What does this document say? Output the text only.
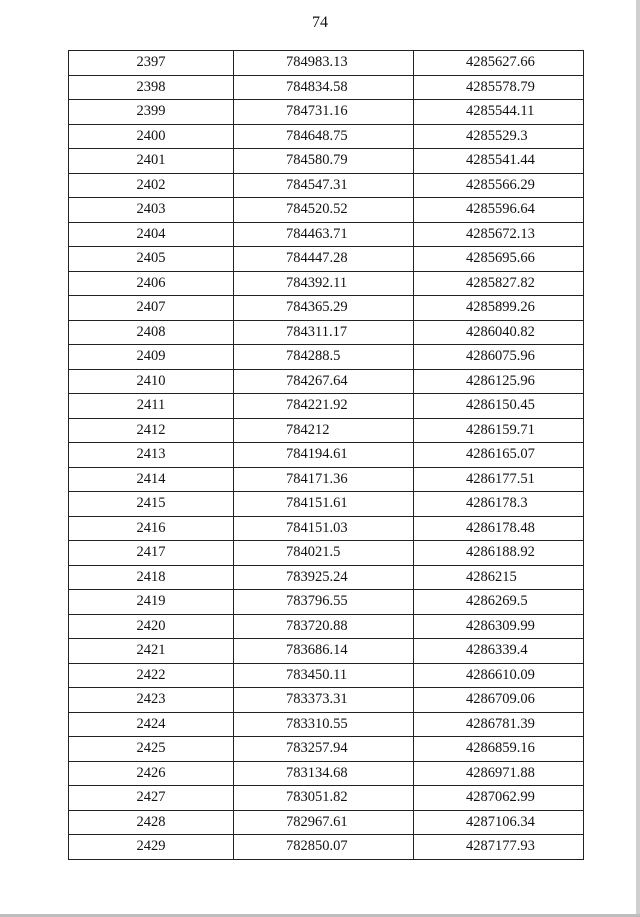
74
2397	784983.13	4285627.66
2398	784834.58	4285578.79
2399	784731.16	4285544.11
2400	784648.75	4285529.3
2401	784580.79	4285541.44
2402	784547.31	4285566.29
2403	784520.52	4285596.64
2404	784463.71	4285672.13
2405	784447.28	4285695.66
2406	784392.11	4285827.82
2407	784365.29	4285899.26
2408	784311.17	4286040.82
2409	784288.5	4286075.96
2410	784267.64	4286125.96
2411	784221.92	4286150.45
2412	784212	4286159.71
2413	784194.61	4286165.07
2414	784171.36	4286177.51
2415	784151.61	4286178.3
2416	784151.03	4286178.48
2417	784021.5	4286188.92
2418	783925.24	4286215
2419	783796.55	4286269.5
2420	783720.88	4286309.99
2421	783686.14	4286339.4
2422	783450.11	4286610.09
2423	783373.31	4286709.06
2424	783310.55	4286781.39
2425	783257.94	4286859.16
2426	783134.68	4286971.88
2427	783051.82	4287062.99
2428	782967.61	4287106.34
2429	782850.07	4287177.93
